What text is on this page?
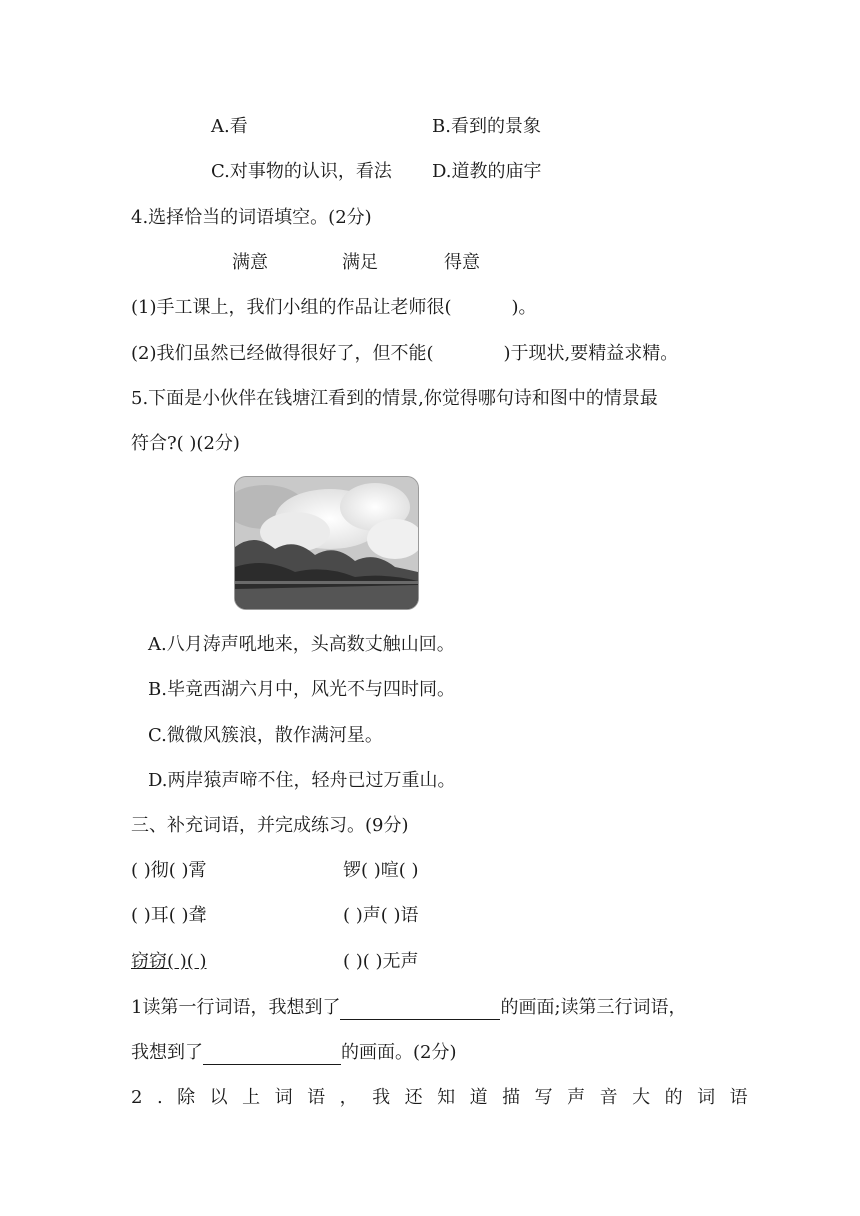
A.看	B.看到的景象
C.对事物的认识，看法 D.道教的庙宇
4.选择恰当的词语填空。(2分)
满意	满足	得意
(1)手工课上，我们小组的作品让老师很(	)。
(2)我们虽然已经做得很好了，但不能(	)于现状,要精益求精。
5.下面是小伙伴在钱塘江看到的情景,你觉得哪句诗和图中的情景最
符合?( )(2分)
A.八月涛声吼地来，头高数丈触山回。
B.毕竟西湖六月中，风光不与四时同。
C.微微风簇浪，散作满河星。
D.两岸猿声啼不住，轻舟已过万重山。
三、补充词语，并完成练习。(9分)
( )彻( )霄	锣( )喧( )
( )耳( )聋	( )声( )语
窃窃( )( )	( )( )无声
1读第一行词语，我想到了	的画面;读第三行词语，
我想到了	的画面。(2分)
2.除以上词语，我还知道描写声音大的词语
